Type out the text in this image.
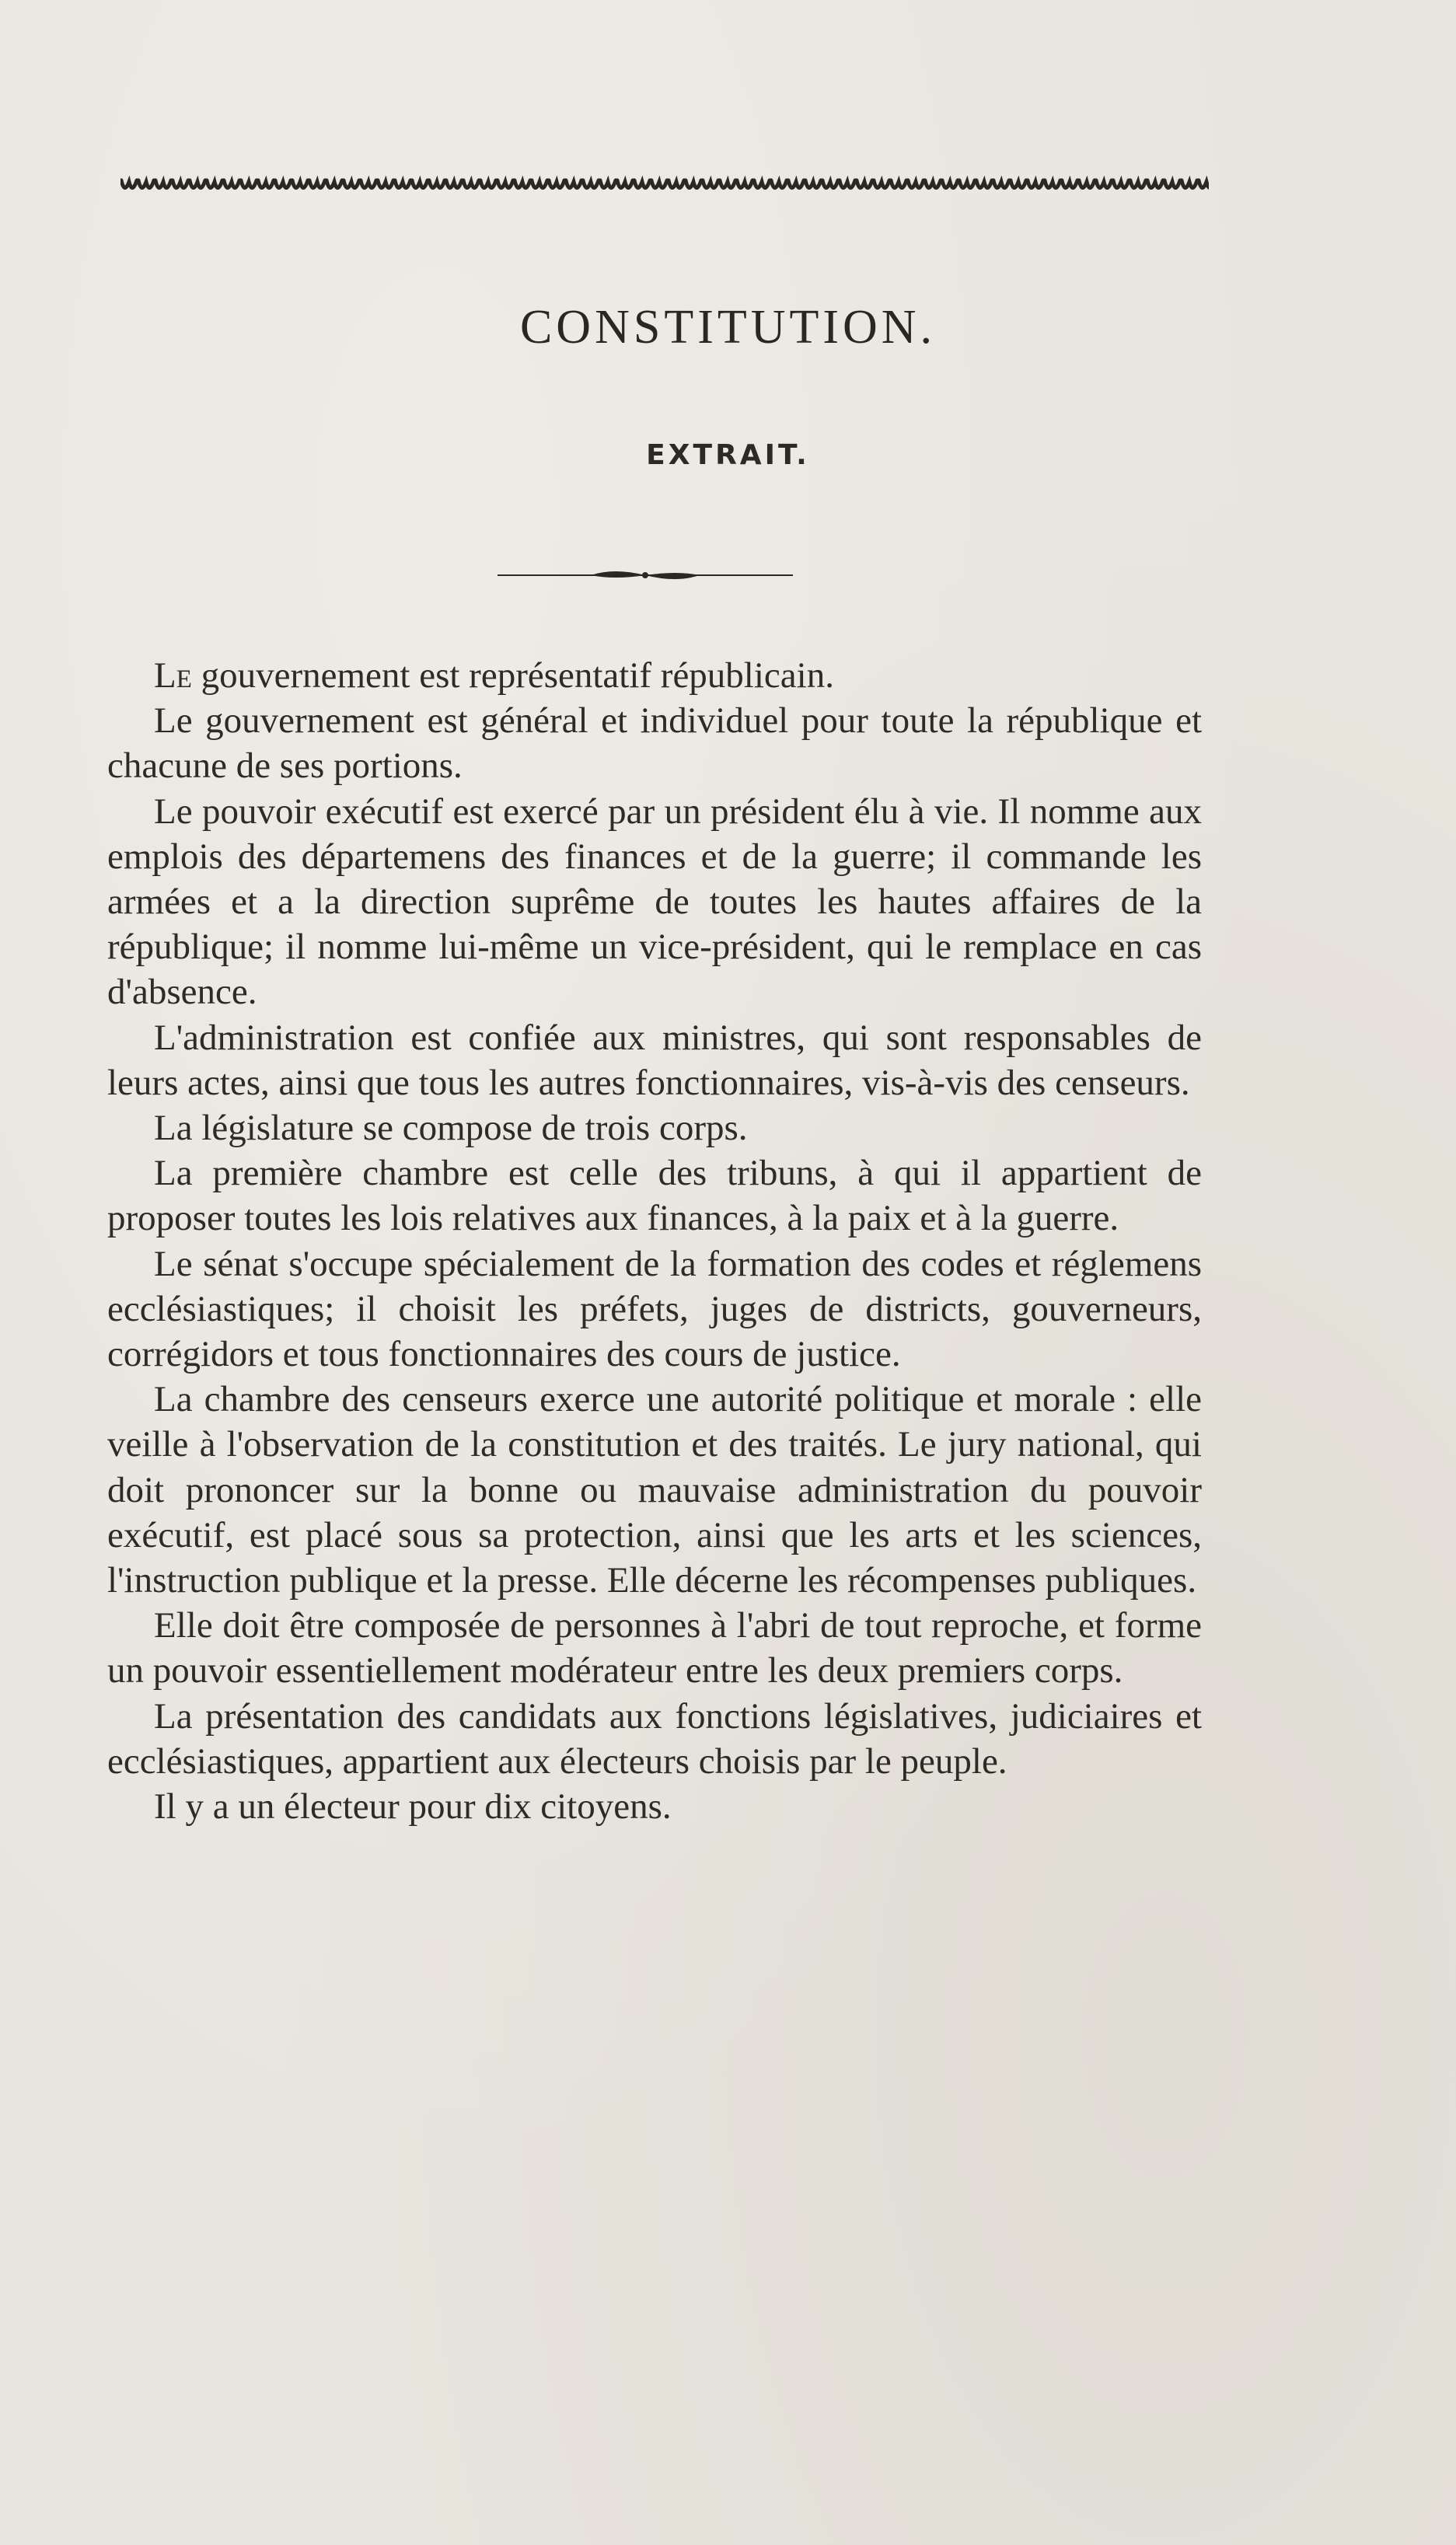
CONSTITUTION.
EXTRAIT.

Le gouvernement est représentatif républicain.

Le gouvernement est général et individuel pour toute la république et chacune de ses portions.

Le pouvoir exécutif est exercé par un président élu à vie. Il nomme aux emplois des départemens des finances et de la guerre; il commande les armées et a la direction suprême de toutes les hautes affaires de la république; il nomme lui-même un vice-président, qui le remplace en cas d'absence.

L'administration est confiée aux ministres, qui sont responsables de leurs actes, ainsi que tous les autres fonctionnaires, vis-à-vis des censeurs.

La législature se compose de trois corps.

La première chambre est celle des tribuns, à qui il appartient de proposer toutes les lois relatives aux finances, à la paix et à la guerre.

Le sénat s'occupe spécialement de la formation des codes et réglemens ecclésiastiques; il choisit les préfets, juges de districts, gouverneurs, corrégidors et tous fonctionnaires des cours de justice.

La chambre des censeurs exerce une autorité politique et morale : elle veille à l'observation de la constitution et des traités. Le jury national, qui doit prononcer sur la bonne ou mauvaise administration du pouvoir exécutif, est placé sous sa protection, ainsi que les arts et les sciences, l'instruction publique et la presse. Elle décerne les récompenses publiques.

Elle doit être composée de personnes à l'abri de tout reproche, et forme un pouvoir essentiellement modérateur entre les deux premiers corps.

La présentation des candidats aux fonctions législatives, judiciaires et ecclésiastiques, appartient aux électeurs choisis par le peuple.

Il y a un électeur pour dix citoyens.
